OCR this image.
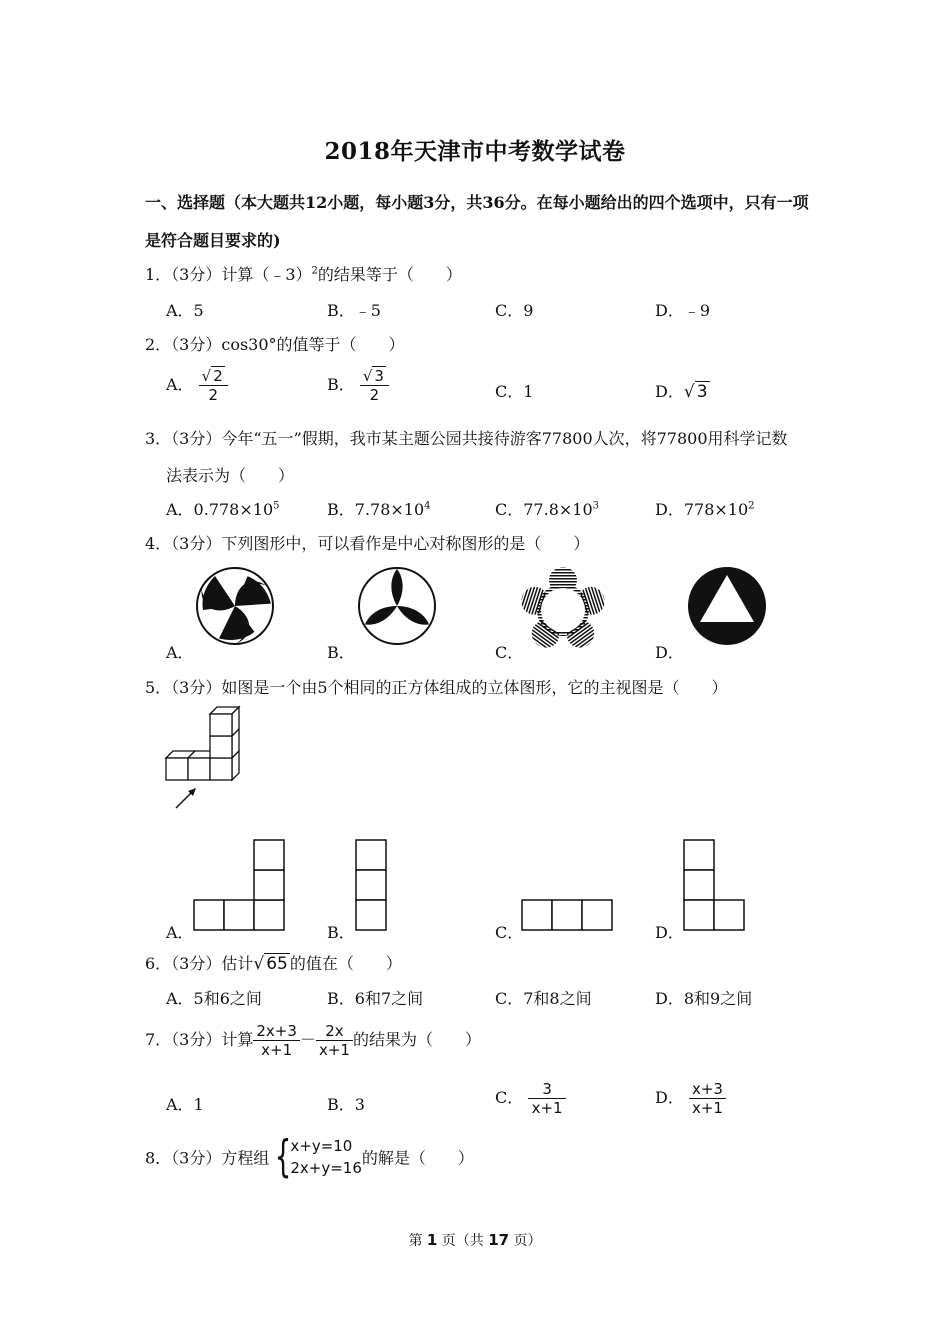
2018年天津市中考数学试卷
一、选择题（本大题共12小题，每小题3分，共36分。在每小题给出的四个选项中，只有一项
是符合题目要求的)
1．（3分）计算（﹣3）$^2$的结果等于（　　）
A．5	B．﹣5	C．9	D．﹣9
2．（3分）cos30°的值等于（　　）
A． $\frac{√ 2}{2}$	B． $\frac{√ 3}{2}$	C．1	D．√ 3
3．（3分）今年“五一”假期，我市某主题公园共接待游客77800人次，将77800用科学记数
法表示为（　　）
A．$0.778\times 10^5$	B．$7.78\times 10^4$	C．$77.8\times 10^3$	D．$778\times 10^2$
4．（3分）下列图形中，可以看作是中心对称图形的是（　　）
A．	B．	C．	D．
5．（3分）如图是一个由5个相同的正方体组成的立体图形，它的主视图是（　　）
A．	B．	C．	D．
6．（3分）估计√ 65 的值在（　　）
A．5和6之间	B．6和7之间	C．7和8之间	D．8和9之间
7．（3分）计算 $\frac{2x+3}{x+1} - \frac{2x}{x+1}$ 的结果为（　　）
A．1	B．3	C． $\frac{3}{x+1}$	D． $\frac{x+3}{x+1}$
8．（3分）方程组 {
x+y=10
2x+y=16
的解是（　　）
第 1 页（共 17 页）
